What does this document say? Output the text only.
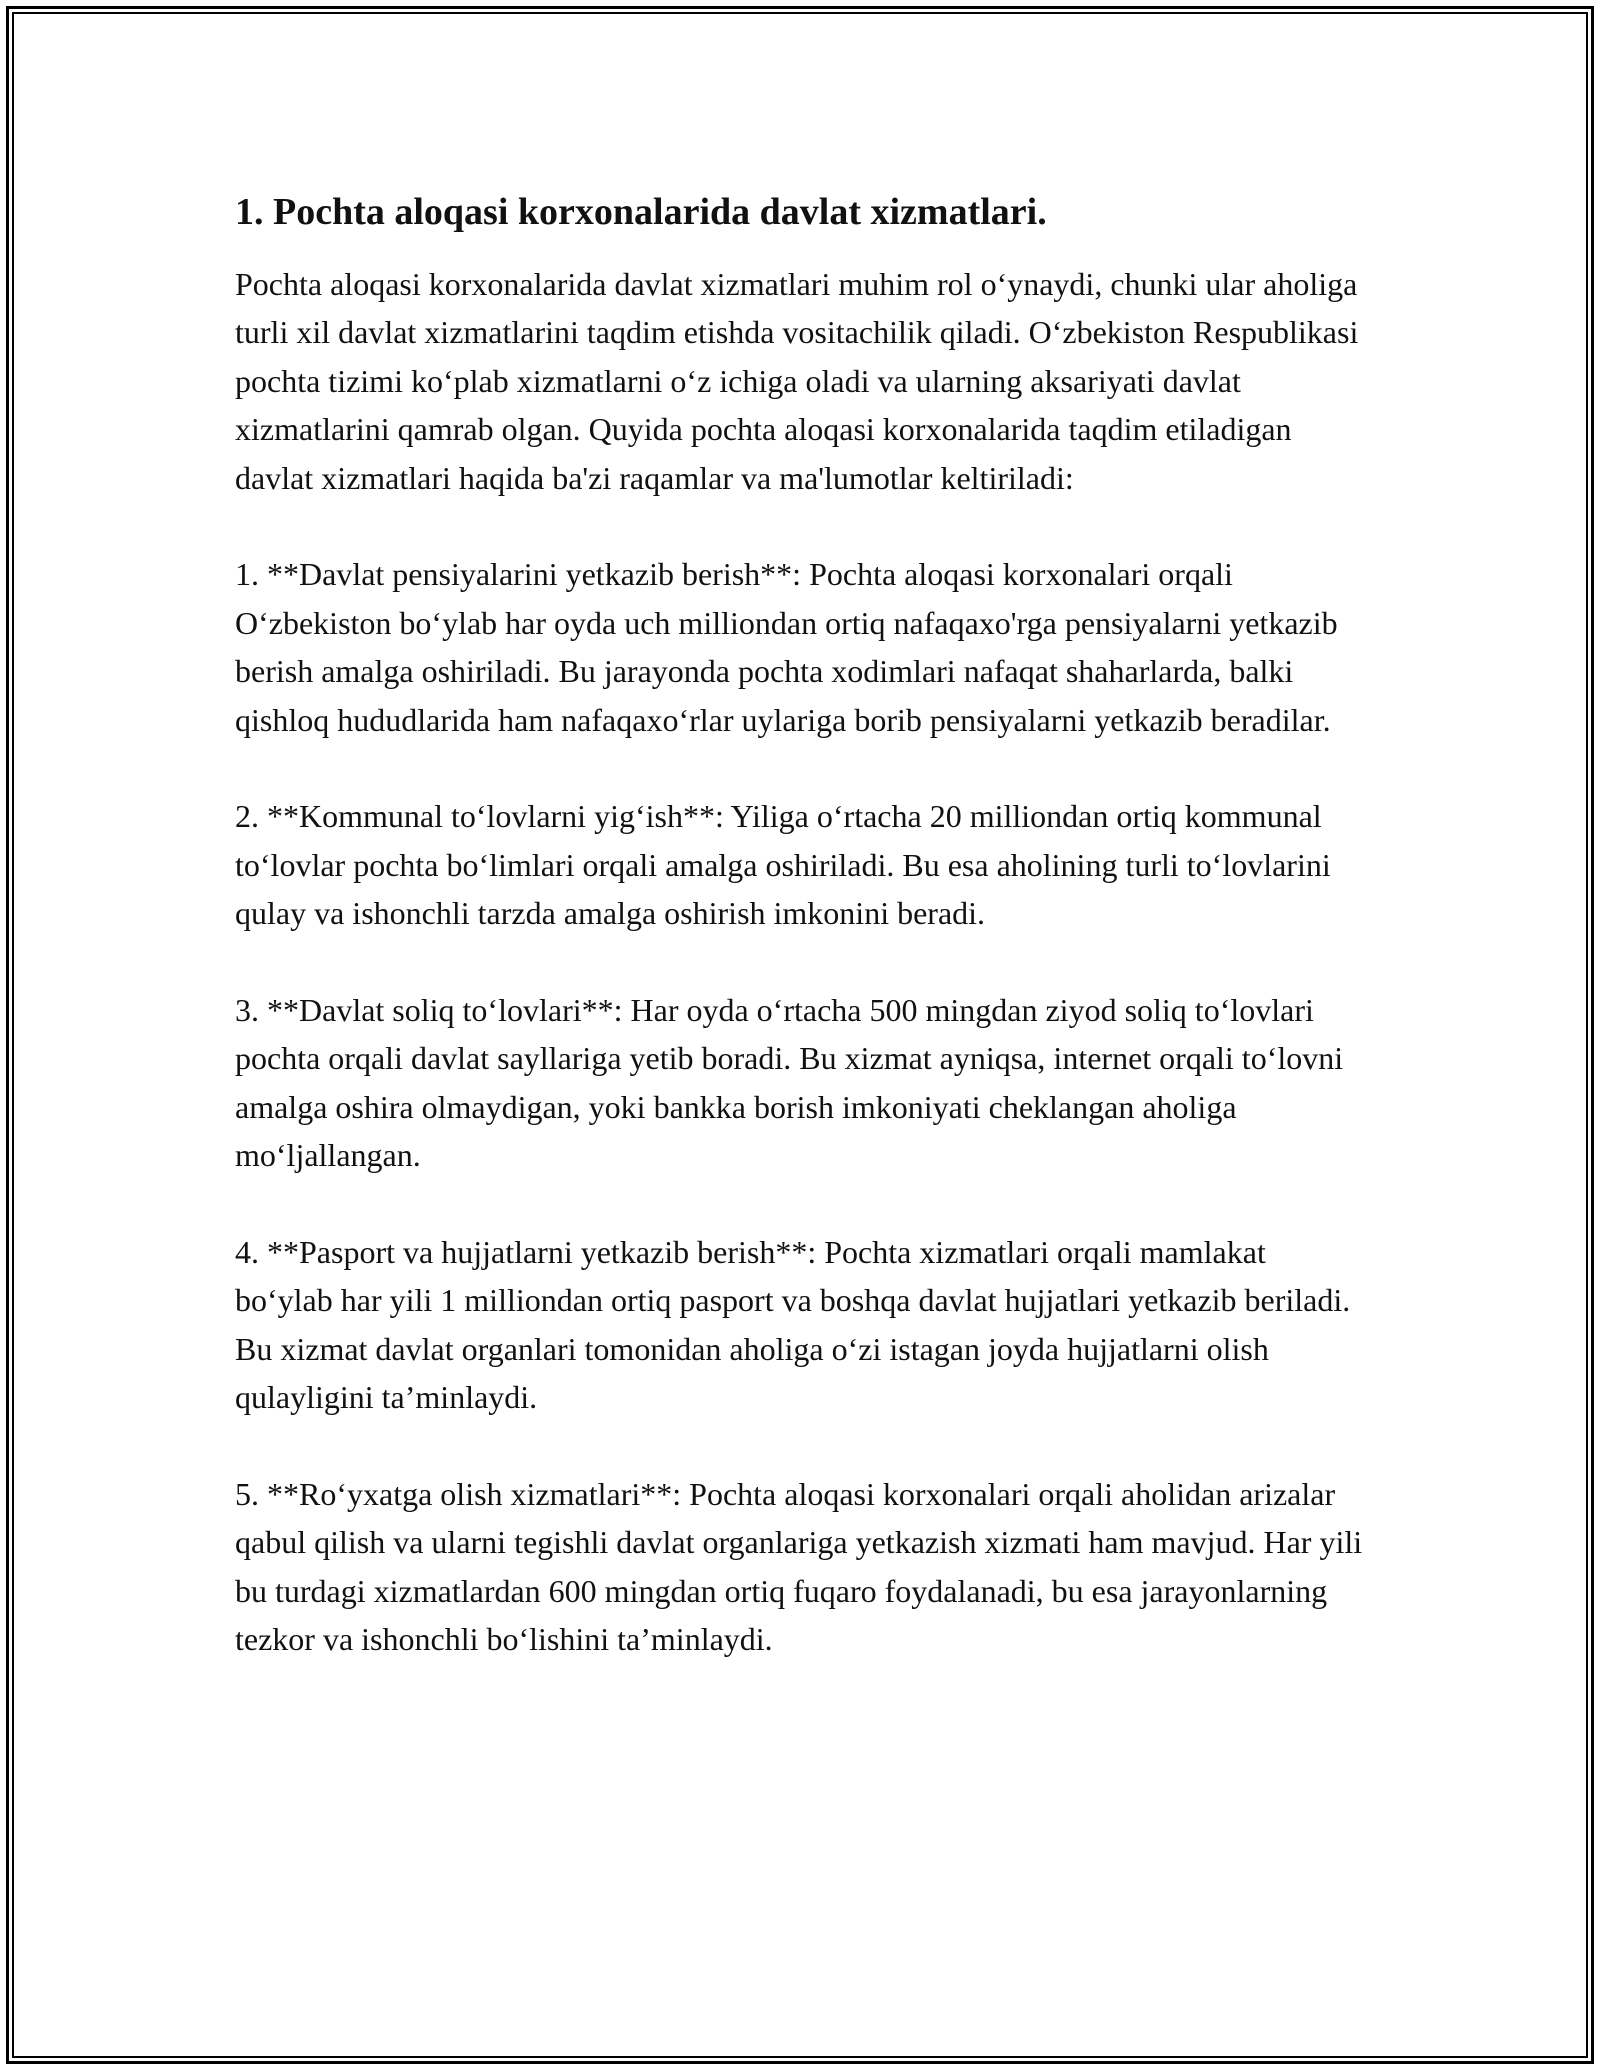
1. Pochta aloqasi korxonalarida davlat xizmatlari.

Pochta aloqasi korxonalarida davlat xizmatlari muhim rol o‘ynaydi, chunki ular aholiga turli xil davlat xizmatlarini taqdim etishda vositachilik qiladi. O‘zbekiston Respublikasi pochta tizimi ko‘plab xizmatlarni o‘z ichiga oladi va ularning aksariyati davlat xizmatlarini qamrab olgan. Quyida pochta aloqasi korxonalarida taqdim etiladigan davlat xizmatlari haqida ba'zi raqamlar va ma'lumotlar keltiriladi:

1. **Davlat pensiyalarini yetkazib berish**: Pochta aloqasi korxonalari orqali O‘zbekiston bo‘ylab har oyda uch milliondan ortiq nafaqaxo'rga pensiyalarni yetkazib berish amalga oshiriladi. Bu jarayonda pochta xodimlari nafaqat shaharlarda, balki qishloq hududlarida ham nafaqaxo‘rlar uylariga borib pensiyalarni yetkazib beradilar.

2. **Kommunal to‘lovlarni yig‘ish**: Yiliga o‘rtacha 20 milliondan ortiq kommunal to‘lovlar pochta bo‘limlari orqali amalga oshiriladi. Bu esa aholining turli to‘lovlarini qulay va ishonchli tarzda amalga oshirish imkonini beradi.

3. **Davlat soliq to‘lovlari**: Har oyda o‘rtacha 500 mingdan ziyod soliq to‘lovlari pochta orqali davlat sayllariga yetib boradi. Bu xizmat ayniqsa, internet orqali to‘lovni amalga oshira olmaydigan, yoki bankka borish imkoniyati cheklangan aholiga mo‘ljallangan.

4. **Pasport va hujjatlarni yetkazib berish**: Pochta xizmatlari orqali mamlakat bo‘ylab har yili 1 milliondan ortiq pasport va boshqa davlat hujjatlari yetkazib beriladi. Bu xizmat davlat organlari tomonidan aholiga o‘zi istagan joyda hujjatlarni olish qulayligini ta’minlaydi.

5. **Ro‘yxatga olish xizmatlari**: Pochta aloqasi korxonalari orqali aholidan arizalar qabul qilish va ularni tegishli davlat organlariga yetkazish xizmati ham mavjud. Har yili bu turdagi xizmatlardan 600 mingdan ortiq fuqaro foydalanadi, bu esa jarayonlarning tezkor va ishonchli bo‘lishini ta’minlaydi.
